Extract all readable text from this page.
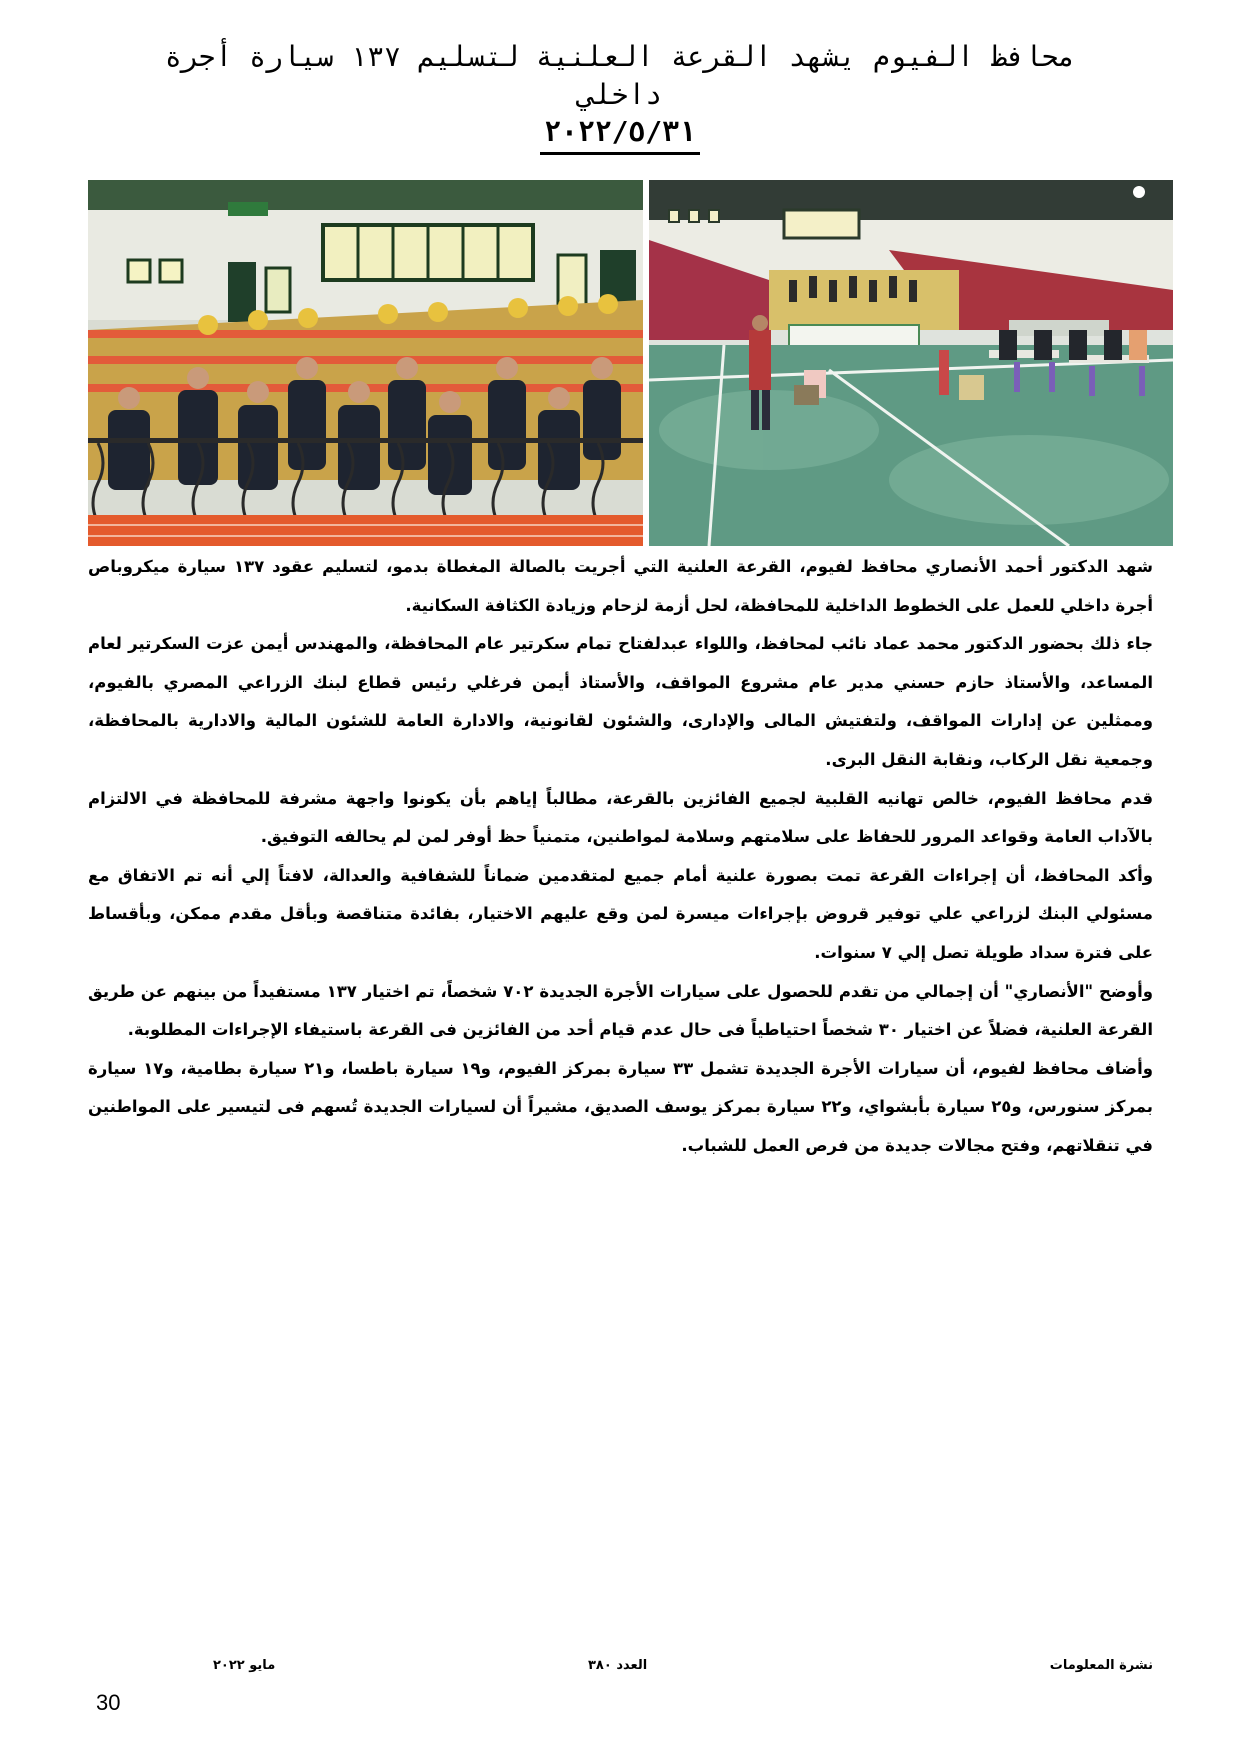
محافظ الفيوم يشهد القرعة العلنية لتسليم ١٣٧ سيارة أجرة داخلي
٢٠٢٢/٥/٣١

شهد الدكتور أحمد الأنصاري محافظ لفيوم، القرعة العلنية التي أجريت بالصالة المغطاة بدمو، لتسليم عقود ١٣٧ سيارة ميكروباص أجرة داخلي للعمل على الخطوط الداخلية للمحافظة، لحل أزمة لزحام وزيادة الكثافة السكانية.

جاء ذلك بحضور الدكتور محمد عماد نائب لمحافظ، واللواء عبدلفتاح تمام سكرتير عام المحافظة، والمهندس أيمن عزت السكرتير لعام المساعد، والأستاذ حازم حسني مدير عام مشروع المواقف، والأستاذ أيمن فرغلي رئيس قطاع لبنك الزراعي المصري بالفيوم، وممثلين عن إدارات المواقف، ولتفتيش المالى والإدارى، والشئون لقانونية، والادارة العامة للشئون المالية والادارية بالمحافظة، وجمعية نقل الركاب، ونقابة النقل البرى.

قدم محافظ الفيوم، خالص تهانيه القلبية لجميع الفائزين بالقرعة، مطالباً إياهم بأن يكونوا واجهة مشرفة للمحافظة في الالتزام بالآداب العامة وقواعد المرور للحفاظ على سلامتهم وسلامة لمواطنين، متمنياً حظ أوفر لمن لم يحالفه التوفيق.

وأكد المحافظ، أن إجراءات القرعة تمت بصورة علنية أمام جميع لمتقدمين ضماناً للشفافية والعدالة، لافتاً إلي أنه تم الاتفاق مع مسئولي البنك لزراعي علي توفير قروض بإجراءات ميسرة لمن وقع عليهم الاختيار، بفائدة متناقصة وبأقل مقدم ممكن، وبأقساط على فترة سداد طويلة تصل إلي ٧ سنوات.

وأوضح "الأنصاري" أن إجمالي من تقدم للحصول على سيارات الأجرة الجديدة ٧٠٢ شخصاً، تم اختيار ١٣٧ مستفيداً من بينهم عن طريق القرعة العلنية، فضلاً عن اختيار ٣٠ شخصاً احتياطياً فى حال عدم قيام أحد من الفائزين فى القرعة باستيفاء الإجراءات المطلوبة.

وأضاف محافظ لفيوم، أن سيارات الأجرة الجديدة تشمل ٣٣ سيارة بمركز الفيوم، و١٩ سيارة باطسا، و٢١ سيارة بطامية، و١٧ سيارة بمركز سنورس، و٢٥ سيارة بأبشواي، و٢٢ سيارة بمركز يوسف الصديق، مشيراً أن لسيارات الجديدة تُسهم فى لتيسير على المواطنين في تنقلاتهم، وفتح مجالات جديدة من فرص العمل للشباب.

نشرة المعلومات
العدد ٣٨٠
مايو ٢٠٢٢
30
